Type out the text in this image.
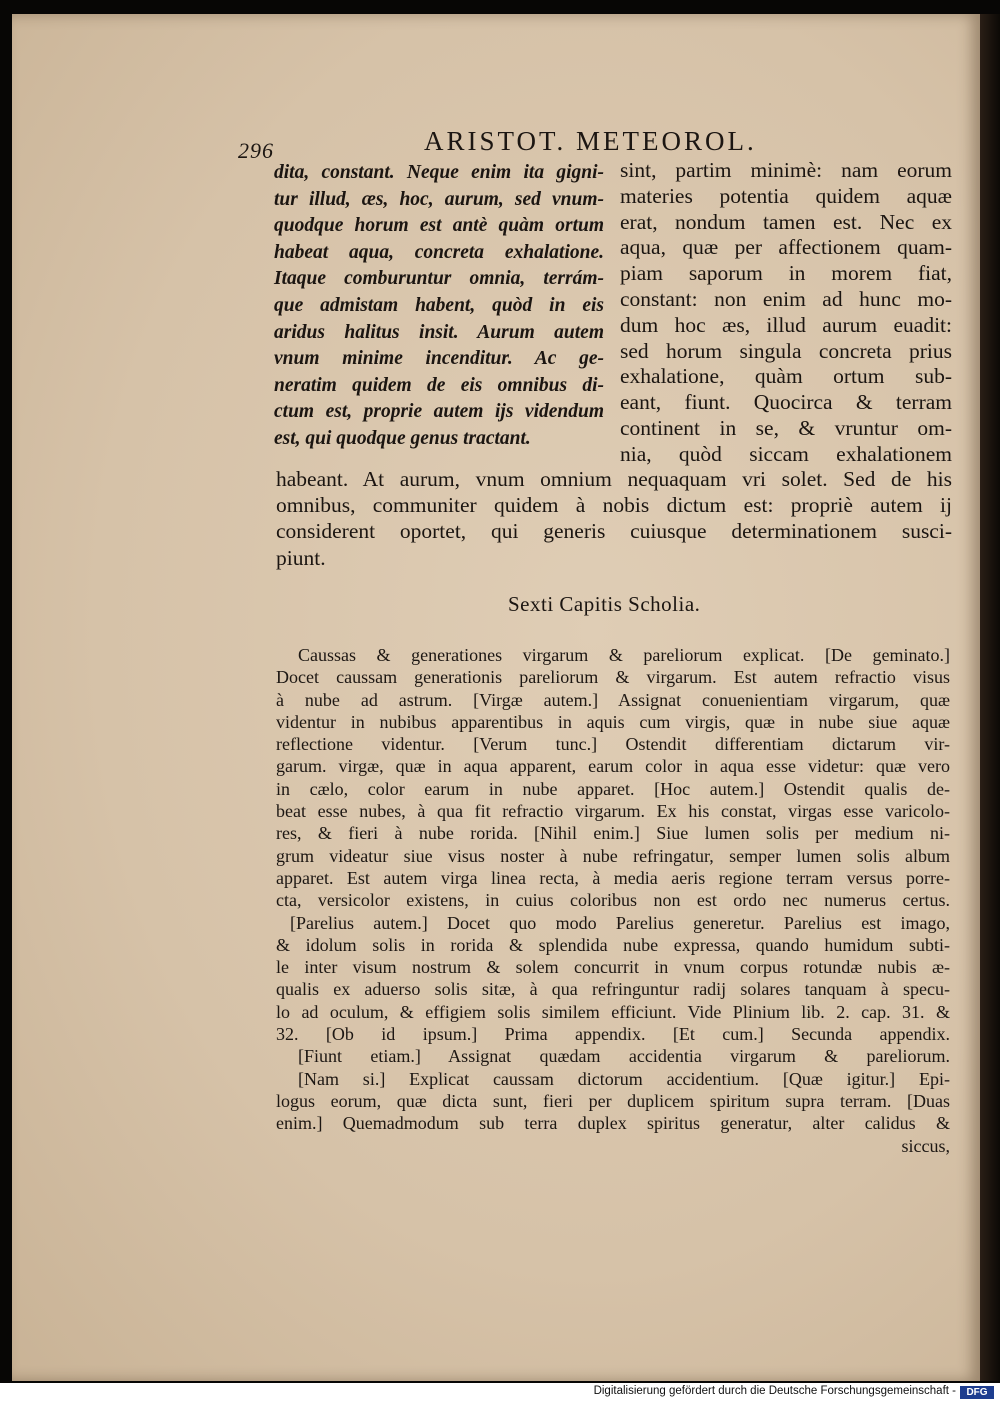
296	ARISTOT. METEOROL.
dita, constant. Neque enim ita gigni-
tur illud, æs, hoc, aurum, sed vnum-
quodque horum est antè quàm ortum
habeat aqua, concreta exhalatione.
Itaque comburuntur omnia, terrám-
que admistam habent, quòd in eis
aridus halitus insit. Aurum autem
vnum minime incenditur. Ac ge-
neratim quidem de eis omnibus di-
ctum est, proprie autem ijs videndum
est, qui quodque genus tractant.
sint, partim minimè: nam eorum
materies potentia quidem aquæ
erat, nondum tamen est. Nec ex
aqua, quæ per affectionem quam-
piam saporum in morem fiat,
constant: non enim ad hunc mo-
dum hoc æs, illud aurum euadit:
sed horum singula concreta prius
exhalatione, quàm ortum sub-
eant, fiunt. Quocirca & terram
continent in se, & vruntur om-
nia, quòd siccam exhalationem
habeant. At aurum, vnum omnium nequaquam vri solet. Sed de his
omnibus, communiter quidem à nobis dictum est: propriè autem ij
considerent oportet, qui generis cuiusque determinationem susci-
piunt.
Sexti Capitis Scholia.
Caussas & generationes virgarum & pareliorum explicat. [De geminato.]
Docet caussam generationis pareliorum & virgarum. Est autem refractio visus
à nube ad astrum. [Virgæ autem.] Assignat conuenientiam virgarum, quæ
videntur in nubibus apparentibus in aquis cum virgis, quæ in nube siue aquæ
reflectione videntur. [Verum tunc.] Ostendit differentiam dictarum vir-
garum. virgæ, quæ in aqua apparent, earum color in aqua esse videtur: quæ vero
in cælo, color earum in nube apparet. [Hoc autem.] Ostendit qualis de-
beat esse nubes, à qua fit refractio virgarum. Ex his constat, virgas esse varicolo-
res, & fieri à nube rorida. [Nihil enim.] Siue lumen solis per medium ni-
grum videatur siue visus noster à nube refringatur, semper lumen solis album
apparet. Est autem virga linea recta, à media aeris regione terram versus porre-
cta, versicolor existens, in cuius coloribus non est ordo nec numerus certus.
[Parelius autem.] Docet quo modo Parelius generetur. Parelius est imago,
& idolum solis in rorida & splendida nube expressa, quando humidum subti-
le inter visum nostrum & solem concurrit in vnum corpus rotundæ nubis æ-
qualis ex aduerso solis sitæ, à qua refringuntur radij solares tanquam à specu-
lo ad oculum, & effigiem solis similem efficiunt. Vide Plinium lib. 2. cap. 31. &
32. [Ob id ipsum.] Prima appendix. [Et cum.] Secunda appendix.
[Fiunt etiam.] Assignat quædam accidentia virgarum & pareliorum.
[Nam si.] Explicat caussam dictorum accidentium. [Quæ igitur.] Epi-
logus eorum, quæ dicta sunt, fieri per duplicem spiritum supra terram. [Duas
enim.] Quemadmodum sub terra duplex spiritus generatur, alter calidus &
siccus,
Digitalisierung gefördert durch die Deutsche Forschungsgemeinschaft -	DFG
